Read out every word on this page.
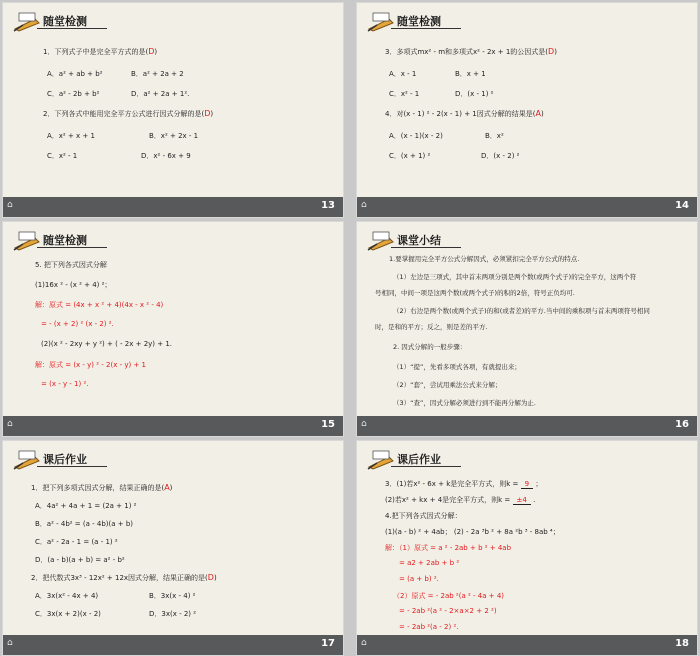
随堂检测
1．下列式子中是完全平方式的是(D)
A．a² + ab + b²	B．a² + 2a + 2
C．a² - 2b + b²	D．a² + 2a + 1².
2．下列各式中能用完全平方公式进行因式分解的是(D)
A．x² + x + 1	B．x² + 2x - 1
C．x² - 1	D．x² - 6x + 9
⌂	13
随堂检测
3．多项式mx² - m和多项式x² - 2x + 1的公因式是(D)
A．x - 1	B．x + 1
C．x² - 1	D．(x - 1) ²
4．对(x - 1) ² - 2(x - 1) + 1因式分解的结果是(A)
A．(x - 1)(x - 2)	B．x²
C．(x + 1) ²	D．(x - 2) ²
⌂	14
随堂检测
5. 把下列各式因式分解
(1)16x ² - (x ² + 4) ²；
解：原式 = (4x + x ² + 4)(4x - x ² - 4)
= - (x + 2) ² (x - 2) ².
(2)(x ² - 2xy + y ²) + ( - 2x + 2y) + 1.
解：原式 = (x - y) ² - 2(x - y) + 1
= (x - y - 1) ².
⌂	15
课堂小结
1.要掌握用完全平方公式分解因式，必须紧扣完全平方公式的特点.
（1）左边是三项式，其中首末两项分别是两个数(或两个式子)的完全平方，这两个符
号相同，中间一项是这两个数(或两个式子)的积的2倍，符号正负均可.
（2）右边是两个数(或两个式子)的和(或者差)的平方.当中间的乘积项与首末两项符号相同
时，是和的平方；反之，则是差的平方.
2. 因式分解的一般步骤：
（1）“提”，先看多项式各项，有就提出来；
（2）“套”，尝试用乘法公式来分解；
（3）“查”，因式分解必须进行到不能再分解为止.
⌂	16
课后作业
1．把下列多项式因式分解，结果正确的是(A)
A．4a² + 4a + 1 = (2a + 1) ²
B．a² - 4b² = (a - 4b)(a + b)
C．a² - 2a - 1 = (a - 1) ²
D．(a - b)(a + b) = a² - b²
2．把代数式3x³ - 12x² + 12x因式分解，结果正确的是(D)
A．3x(x² - 4x + 4)	B．3x(x - 4) ²
C．3x(x + 2)(x - 2)	D．3x(x - 2) ²
⌂	17
课后作业
3．(1)若x² - 6x + k是完全平方式，则k = 9 ；
(2)若x² + kx + 4是完全平方式，则k = ±4 .
4.把下列各式因式分解：
(1)(a - b) ² + 4ab； (2) - 2a ³b ² + 8a ²b ³ - 8ab ⁴；
解：（1）原式 = a ² - 2ab + b ² + 4ab
= a2 + 2ab + b ²
= (a + b) ².
（2）原式 = - 2ab ²(a ² - 4a + 4)
= - 2ab ²(a ² - 2×a×2 + 2 ²)
= - 2ab ²(a - 2) ².
⌂	18
